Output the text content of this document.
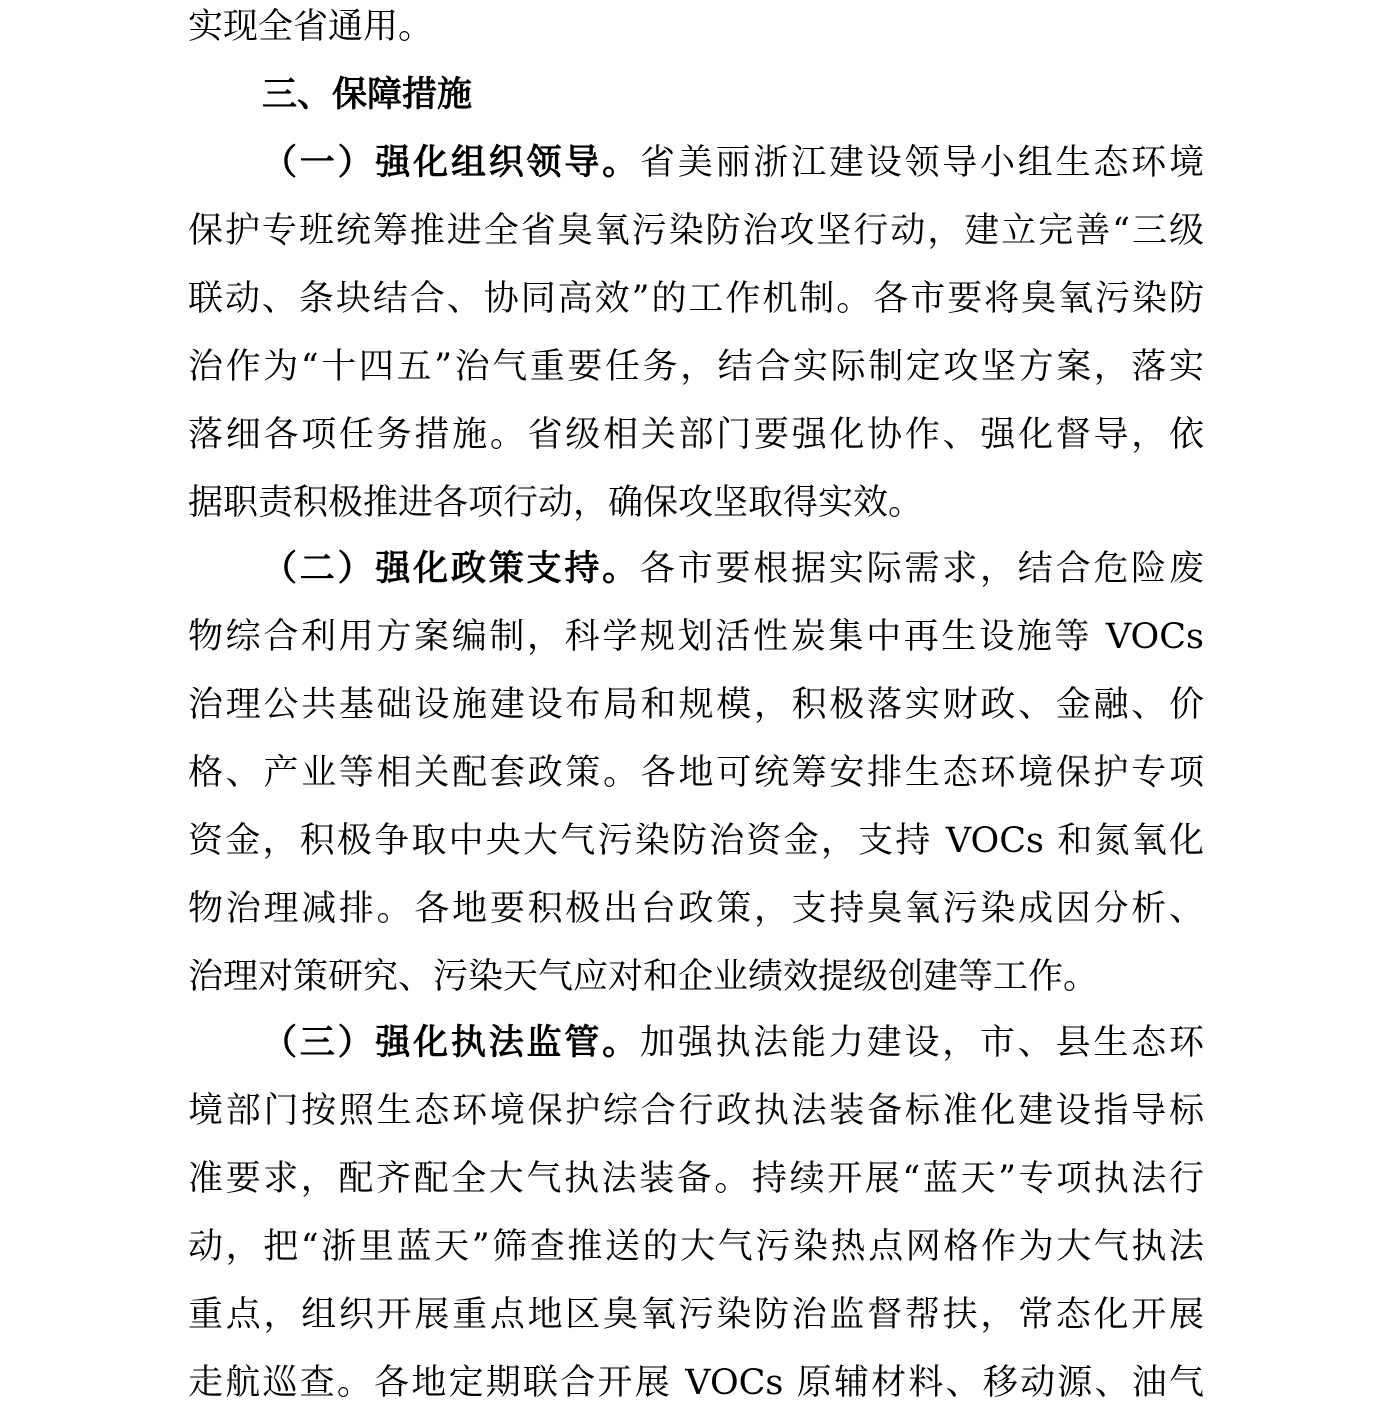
实现全省通用。
三、保障措施
（一）强化组织领导。省美丽浙江建设领导小组生态环境
保护专班统筹推进全省臭氧污染防治攻坚行动，建立完善“三级
联动、条块结合、协同高效”的工作机制。各市要将臭氧污染防
治作为“十四五”治气重要任务，结合实际制定攻坚方案，落实
落细各项任务措施。省级相关部门要强化协作、强化督导，依
据职责积极推进各项行动，确保攻坚取得实效。
（二）强化政策支持。各市要根据实际需求，结合危险废
物综合利用方案编制，科学规划活性炭集中再生设施等 VOCs
治理公共基础设施建设布局和规模，积极落实财政、金融、价
格、产业等相关配套政策。各地可统筹安排生态环境保护专项
资金，积极争取中央大气污染防治资金，支持 VOCs 和氮氧化
物治理减排。各地要积极出台政策，支持臭氧污染成因分析、
治理对策研究、污染天气应对和企业绩效提级创建等工作。
（三）强化执法监管。加强执法能力建设，市、县生态环
境部门按照生态环境保护综合行政执法装备标准化建设指导标
准要求，配齐配全大气执法装备。持续开展“蓝天”专项执法行
动，把“浙里蓝天”筛查推送的大气污染热点网格作为大气执法
重点，组织开展重点地区臭氧污染防治监督帮扶，常态化开展
走航巡查。各地定期联合开展 VOCs 原辅材料、移动源、油气
